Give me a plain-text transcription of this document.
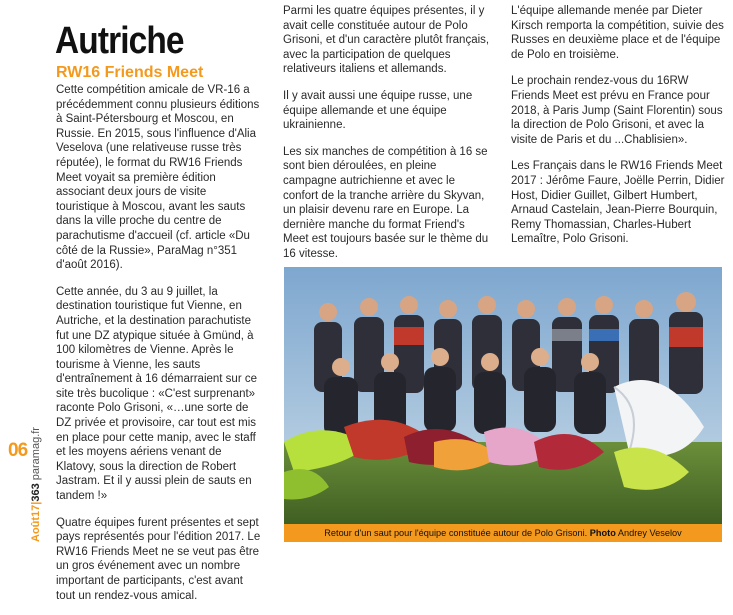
06
Août17|363 paramag.fr
Autriche
RW16 Friends Meet

Cette compétition amicale de VR-16 a précédemment connu plusieurs éditions à Saint-Pétersbourg et Moscou, en Russie. En 2015, sous l'influence d'Alia Veselova (une relativeuse russe très réputée), le format du RW16 Friends Meet voyait sa première édition associant deux jours de visite touristique à Moscou, avant les sauts dans la ville proche du centre de parachutisme d'accueil (cf. article «Du côté de la Russie», ParaMag n°351 d'août 2016).

Cette année, du 3 au 9 juillet, la destination touristique fut Vienne, en Autriche, et la destination parachutiste fut une DZ atypique située à Gmünd, à 100 kilomètres de Vienne. Après le tourisme à Vienne, les sauts d'entraînement à 16 démarraient sur ce site très bucolique : «C'est surprenant» raconte Polo Grisoni, «…une sorte de DZ privée et provisoire, car tout est mis en place pour cette manip, avec le staff et les moyens aériens venant de Klatovy, sous la direction de Robert Jastram. Et il y aussi plein de sauts en tandem !»

Quatre équipes furent présentes et sept pays représentés pour l'édition 2017. Le RW16 Friends Meet ne se veut pas être un gros événement avec un nombre important de participants, c'est avant tout un rendez-vous amical.

Parmi les quatre équipes présentes, il y avait celle constituée autour de Polo Grisoni, et d'un caractère plutôt français, avec la participation de quelques relativeurs italiens et allemands.

Il y avait aussi une équipe russe, une équipe allemande et une équipe ukrainienne.

Les six manches de compétition à 16 se sont bien déroulées, en pleine campagne autrichienne et avec le confort de la tranche arrière du Skyvan, un plaisir devenu rare en Europe. La dernière manche du format Friend's Meet est toujours basée sur le thème du 16 vitesse.

L'équipe allemande menée par Dieter Kirsch remporta la compétition, suivie des Russes en deuxième place et de l'équipe de Polo en troisième.

Le prochain rendez-vous du 16RW Friends Meet est prévu en France pour 2018, à Paris Jump (Saint Florentin) sous la direction de Polo Grisoni, et avec la visite de Paris et du ...Chablisien».

Les Français dans le RW16 Friends Meet 2017 : Jérôme Faure, Joëlle Perrin, Didier Host, Didier Guillet, Gilbert Humbert, Arnaud Castelain, Jean-Pierre Bourquin, Remy Thomassian, Charles-Hubert Lemaître, Polo Grisoni.

Retour d'un saut pour l'équipe constituée autour de Polo Grisoni. Photo Andrey Veselov
